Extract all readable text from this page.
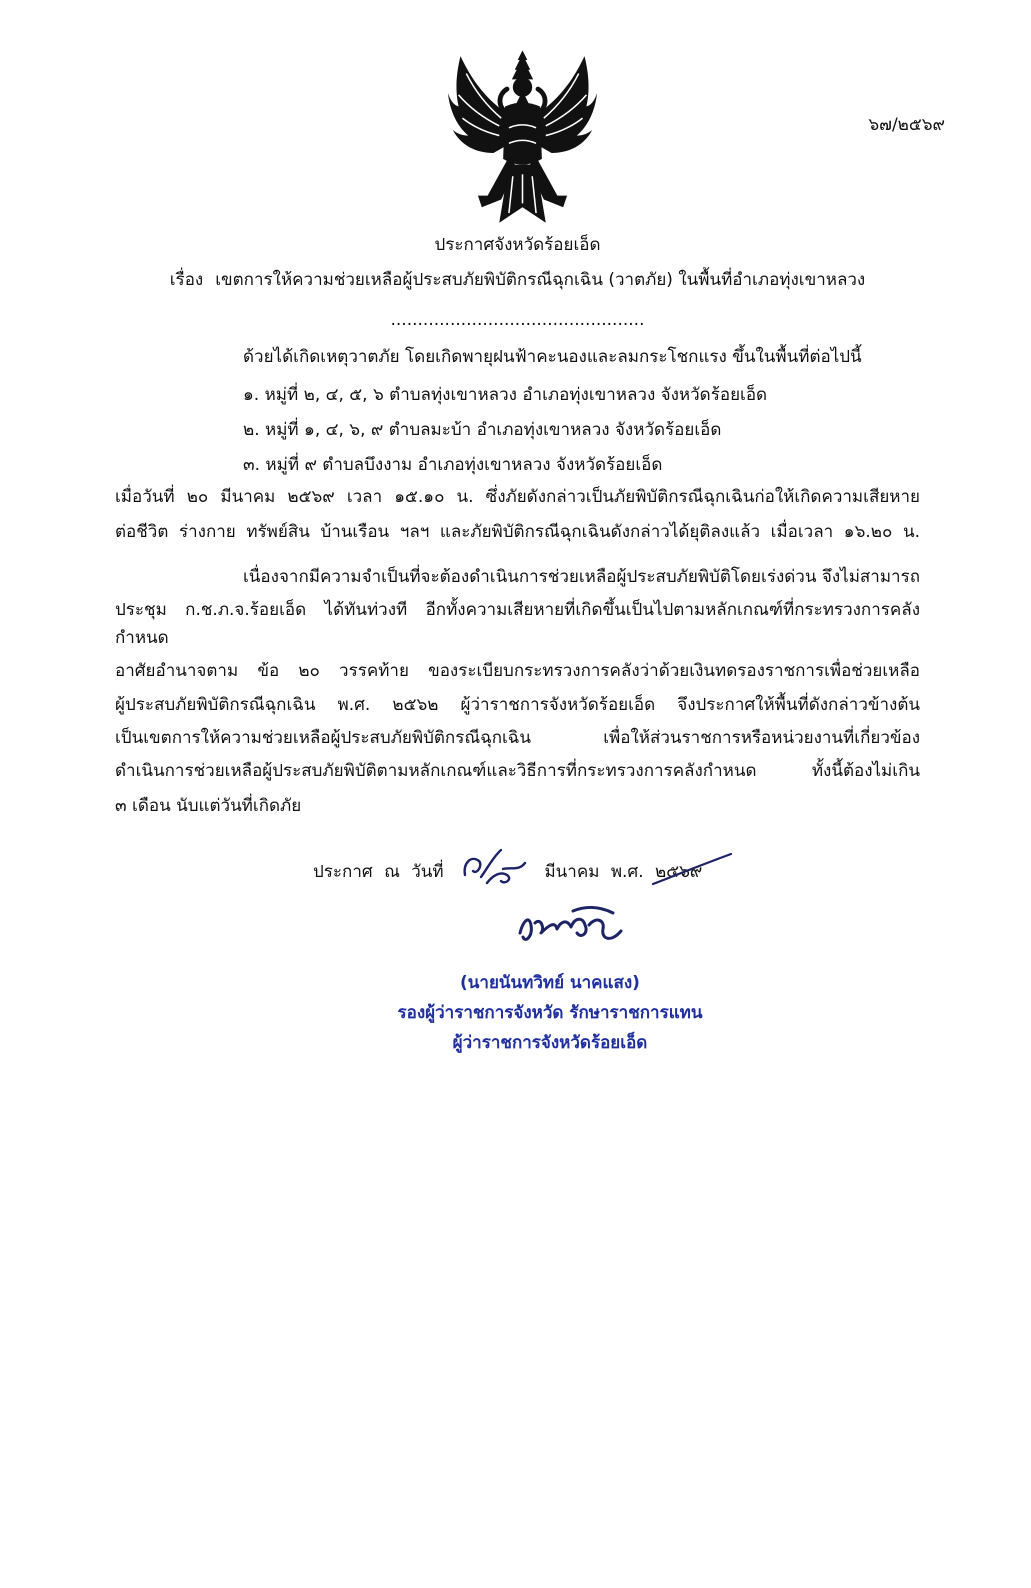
๖๗/๒๕๖๙
ประกาศจังหวัดร้อยเอ็ด
เรื่อง เขตการให้ความช่วยเหลือผู้ประสบภัยพิบัติกรณีฉุกเฉิน (วาตภัย) ในพื้นที่อำเภอทุ่งเขาหลวง
...............................................
ด้วยได้เกิดเหตุวาตภัย โดยเกิดพายุฝนฟ้าคะนองและลมกระโชกแรง ขึ้นในพื้นที่ต่อไปนี้
๑. หมู่ที่ ๒, ๔, ๕, ๖ ตำบลทุ่งเขาหลวง อำเภอทุ่งเขาหลวง จังหวัดร้อยเอ็ด
๒. หมู่ที่ ๑, ๔, ๖, ๙ ตำบลมะบ้า อำเภอทุ่งเขาหลวง จังหวัดร้อยเอ็ด
๓. หมู่ที่ ๙ ตำบลบึงงาม อำเภอทุ่งเขาหลวง จังหวัดร้อยเอ็ด
เมื่อวันที่ ๒๐ มีนาคม ๒๕๖๙ เวลา ๑๕.๑๐ น. ซึ่งภัยดังกล่าวเป็นภัยพิบัติกรณีฉุกเฉินก่อให้เกิดความเสียหาย
ต่อชีวิต ร่างกาย ทรัพย์สิน บ้านเรือน ฯลฯ และภัยพิบัติกรณีฉุกเฉินดังกล่าวได้ยุติลงแล้ว เมื่อเวลา ๑๖.๒๐ น.
เนื่องจากมีความจำเป็นที่จะต้องดำเนินการช่วยเหลือผู้ประสบภัยพิบัติโดยเร่งด่วน จึงไม่สามารถ
ประชุม ก.ช.ภ.จ.ร้อยเอ็ด ได้ทันท่วงที อีกทั้งความเสียหายที่เกิดขึ้นเป็นไปตามหลักเกณฑ์ที่กระทรวงการคลังกำหนด
อาศัยอำนาจตาม ข้อ ๒๐ วรรคท้าย ของระเบียบกระทรวงการคลังว่าด้วยเงินทดรองราชการเพื่อช่วยเหลือ
ผู้ประสบภัยพิบัติกรณีฉุกเฉิน พ.ศ. ๒๕๖๒ ผู้ว่าราชการจังหวัดร้อยเอ็ด จึงประกาศให้พื้นที่ดังกล่าวข้างต้น
เป็นเขตการให้ความช่วยเหลือผู้ประสบภัยพิบัติกรณีฉุกเฉิน เพื่อให้ส่วนราชการหรือหน่วยงานที่เกี่ยวข้อง
ดำเนินการช่วยเหลือผู้ประสบภัยพิบัติตามหลักเกณฑ์และวิธีการที่กระทรวงการคลังกำหนด ทั้งนี้ต้องไม่เกิน
๓ เดือน นับแต่วันที่เกิดภัย
ประกาศ ณ วันที่	มีนาคม พ.ศ. ๒๕๖๙
(นายนันทวิทย์ นาคแสง)
รองผู้ว่าราชการจังหวัด รักษาราชการแทน
ผู้ว่าราชการจังหวัดร้อยเอ็ด
